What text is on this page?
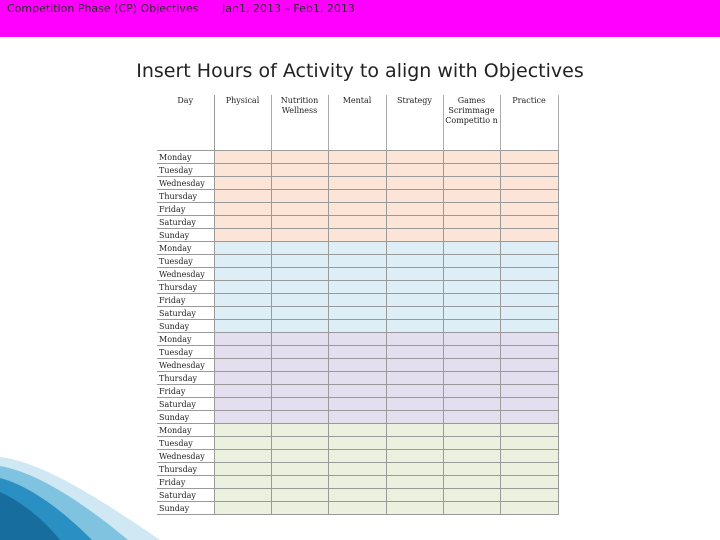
Competition Phase (CP) Objectives Jan1, 2013 – Feb1, 2013
Insert Hours of Activity to align with Objectives
Day	Physical	Nutrition Wellness	Mental	Strategy	Games Scrimmage Competitio n	Practice
Monday						
Tuesday						
Wednesday						
Thursday						
Friday						
Saturday						
Sunday						
Monday						
Tuesday						
Wednesday						
Thursday						
Friday						
Saturday						
Sunday						
Monday						
Tuesday						
Wednesday						
Thursday						
Friday						
Saturday						
Sunday						
Monday						
Tuesday						
Wednesday						
Thursday						
Friday						
Saturday						
Sunday						
